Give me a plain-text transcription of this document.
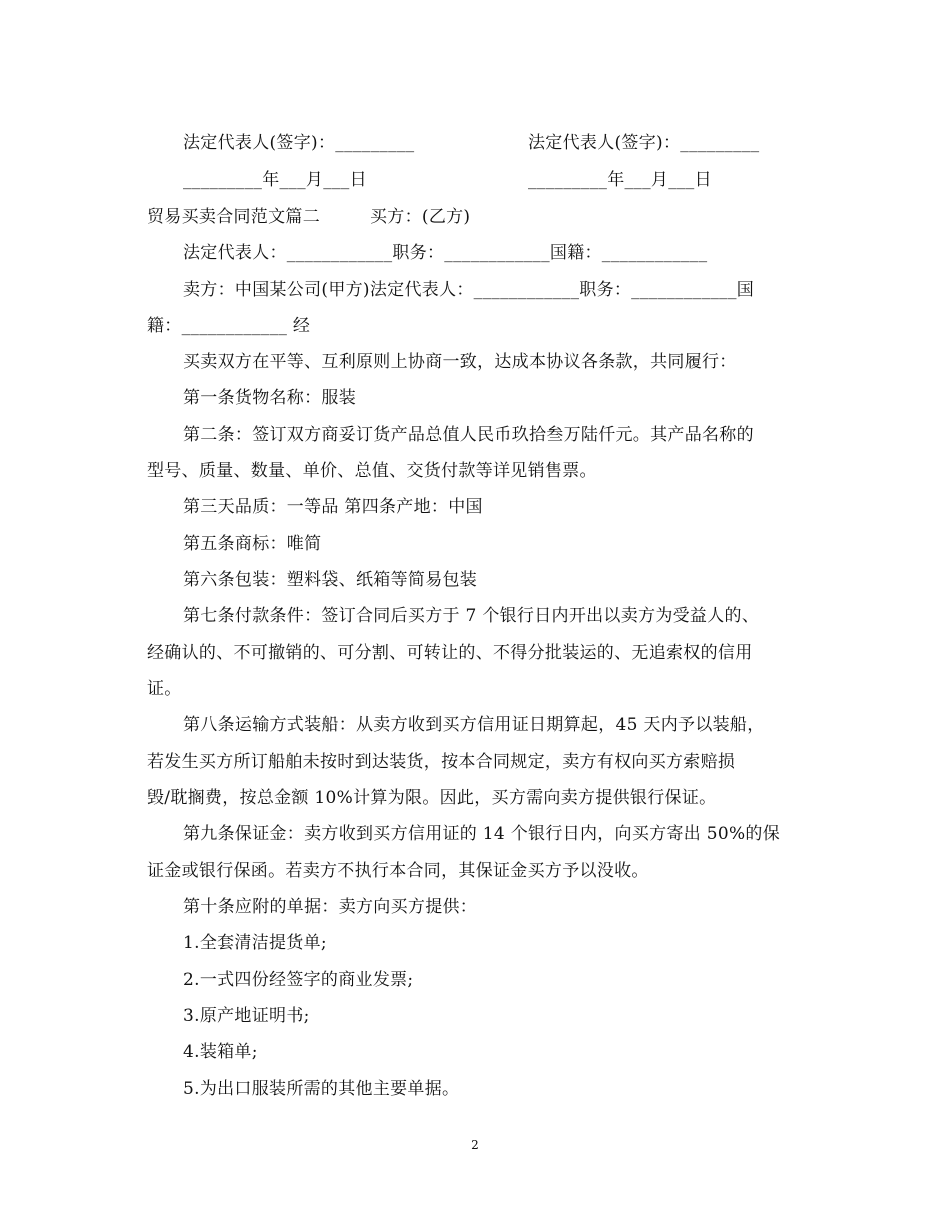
法定代表人(签字)：_________	法定代表人(签字)：_________
_________年___月___日	_________年___月___日
贸易买卖合同范文篇二	买方：(乙方)
法定代表人：____________职务：____________国籍：____________
卖方：中国某公司(甲方)法定代表人：____________职务：____________国
籍：____________ 经
买卖双方在平等、互利原则上协商一致，达成本协议各条款，共同履行：
第一条货物名称：服装
第二条：签订双方商妥订货产品总值人民币玖拾叁万陆仟元。其产品名称的
型号、质量、数量、单价、总值、交货付款等详见销售票。
第三天品质：一等品 第四条产地：中国
第五条商标：唯简
第六条包装：塑料袋、纸箱等简易包装
第七条付款条件：签订合同后买方于 7 个银行日内开出以卖方为受益人的、
经确认的、不可撤销的、可分割、可转让的、不得分批装运的、无追索权的信用
证。
第八条运输方式装船：从卖方收到买方信用证日期算起，45 天内予以装船，
若发生买方所订船舶未按时到达装货，按本合同规定，卖方有权向买方索赔损
毁/耽搁费，按总金额 10%计算为限。因此，买方需向卖方提供银行保证。
第九条保证金：卖方收到买方信用证的 14 个银行日内，向买方寄出 50%的保
证金或银行保函。若卖方不执行本合同，其保证金买方予以没收。
第十条应附的单据：卖方向买方提供：
1.全套清洁提货单;
2.一式四份经签字的商业发票;
3.原产地证明书;
4.装箱单;
5.为出口服装所需的其他主要单据。
2
